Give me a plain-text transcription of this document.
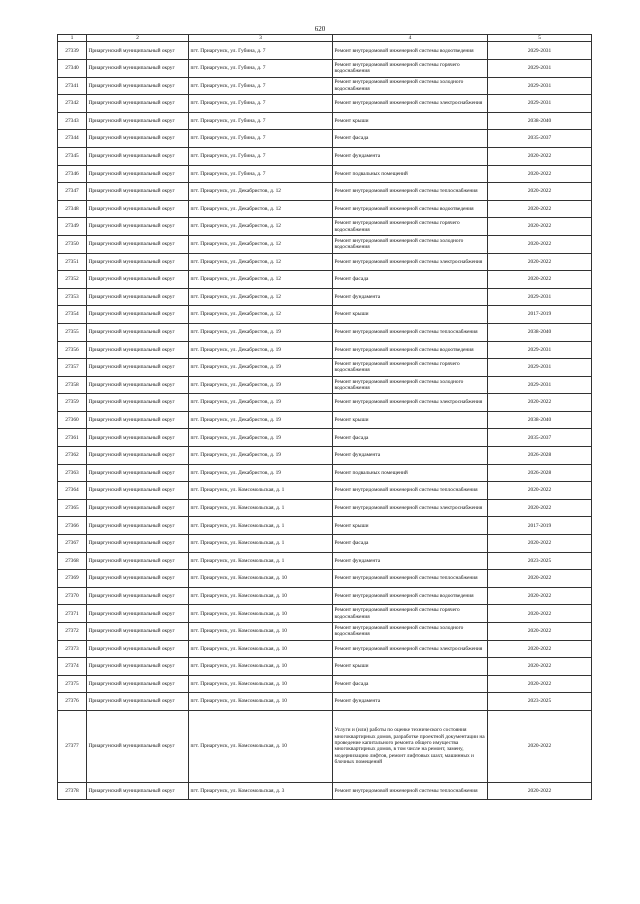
620
1	2	3	4	5
27339	Приаргунский муниципальный округ	пгт. Приаргунск, ул. Губина, д. 7	Ремонт внутридомовой инженерной системы водоотведения	2029-2031
27340	Приаргунский муниципальный округ	пгт. Приаргунск, ул. Губина, д. 7	Ремонт внутридомовой инженерной системы горячего водоснабжения	2029-2031
27341	Приаргунский муниципальный округ	пгт. Приаргунск, ул. Губина, д. 7	Ремонт внутридомовой инженерной системы холодного водоснабжения	2029-2031
27342	Приаргунский муниципальный округ	пгт. Приаргунск, ул. Губина, д. 7	Ремонт внутридомовой инженерной системы электроснабжения	2029-2031
27343	Приаргунский муниципальный округ	пгт. Приаргунск, ул. Губина, д. 7	Ремонт крыши	2038-2040
27344	Приаргунский муниципальный округ	пгт. Приаргунск, ул. Губина, д. 7	Ремонт фасада	2035-2037
27345	Приаргунский муниципальный округ	пгт. Приаргунск, ул. Губина, д. 7	Ремонт фундамента	2020-2022
27346	Приаргунский муниципальный округ	пгт. Приаргунск, ул. Губина, д. 7	Ремонт подвальных помещений	2020-2022
27347	Приаргунский муниципальный округ	пгт. Приаргунск, ул. Декабристов, д. 12	Ремонт внутридомовой инженерной системы теплоснабжения	2020-2022
27348	Приаргунский муниципальный округ	пгт. Приаргунск, ул. Декабристов, д. 12	Ремонт внутридомовой инженерной системы водоотведения	2020-2022
27349	Приаргунский муниципальный округ	пгт. Приаргунск, ул. Декабристов, д. 12	Ремонт внутридомовой инженерной системы горячего водоснабжения	2020-2022
27350	Приаргунский муниципальный округ	пгт. Приаргунск, ул. Декабристов, д. 12	Ремонт внутридомовой инженерной системы холодного водоснабжения	2020-2022
27351	Приаргунский муниципальный округ	пгт. Приаргунск, ул. Декабристов, д. 12	Ремонт внутридомовой инженерной системы электроснабжения	2020-2022
27352	Приаргунский муниципальный округ	пгт. Приаргунск, ул. Декабристов, д. 12	Ремонт фасада	2020-2022
27353	Приаргунский муниципальный округ	пгт. Приаргунск, ул. Декабристов, д. 12	Ремонт фундамента	2029-2031
27354	Приаргунский муниципальный округ	пгт. Приаргунск, ул. Декабристов, д. 12	Ремонт крыши	2017-2019
27355	Приаргунский муниципальный округ	пгт. Приаргунск, ул. Декабристов, д. 19	Ремонт внутридомовой инженерной системы теплоснабжения	2038-2040
27356	Приаргунский муниципальный округ	пгт. Приаргунск, ул. Декабристов, д. 19	Ремонт внутридомовой инженерной системы водоотведения	2029-2031
27357	Приаргунский муниципальный округ	пгт. Приаргунск, ул. Декабристов, д. 19	Ремонт внутридомовой инженерной системы горячего водоснабжения	2029-2031
27358	Приаргунский муниципальный округ	пгт. Приаргунск, ул. Декабристов, д. 19	Ремонт внутридомовой инженерной системы холодного водоснабжения	2029-2031
27359	Приаргунский муниципальный округ	пгт. Приаргунск, ул. Декабристов, д. 19	Ремонт внутридомовой инженерной системы электроснабжения	2020-2022
27360	Приаргунский муниципальный округ	пгт. Приаргунск, ул. Декабристов, д. 19	Ремонт крыши	2038-2040
27361	Приаргунский муниципальный округ	пгт. Приаргунск, ул. Декабристов, д. 19	Ремонт фасада	2035-2037
27362	Приаргунский муниципальный округ	пгт. Приаргунск, ул. Декабристов, д. 19	Ремонт фундамента	2026-2028
27363	Приаргунский муниципальный округ	пгт. Приаргунск, ул. Декабристов, д. 19	Ремонт подвальных помещений	2026-2028
27364	Приаргунский муниципальный округ	пгт. Приаргунск, ул. Комсомольская, д. 1	Ремонт внутридомовой инженерной системы теплоснабжения	2020-2022
27365	Приаргунский муниципальный округ	пгт. Приаргунск, ул. Комсомольская, д. 1	Ремонт внутридомовой инженерной системы электроснабжения	2020-2022
27366	Приаргунский муниципальный округ	пгт. Приаргунск, ул. Комсомольская, д. 1	Ремонт крыши	2017-2019
27367	Приаргунский муниципальный округ	пгт. Приаргунск, ул. Комсомольская, д. 1	Ремонт фасада	2020-2022
27368	Приаргунский муниципальный округ	пгт. Приаргунск, ул. Комсомольская, д. 1	Ремонт фундамента	2023-2025
27369	Приаргунский муниципальный округ	пгт. Приаргунск, ул. Комсомольская, д. 10	Ремонт внутридомовой инженерной системы теплоснабжения	2020-2022
27370	Приаргунский муниципальный округ	пгт. Приаргунск, ул. Комсомольская, д. 10	Ремонт внутридомовой инженерной системы водоотведения	2020-2022
27371	Приаргунский муниципальный округ	пгт. Приаргунск, ул. Комсомольская, д. 10	Ремонт внутридомовой инженерной системы горячего водоснабжения	2020-2022
27372	Приаргунский муниципальный округ	пгт. Приаргунск, ул. Комсомольская, д. 10	Ремонт внутридомовой инженерной системы холодного водоснабжения	2020-2022
27373	Приаргунский муниципальный округ	пгт. Приаргунск, ул. Комсомольская, д. 10	Ремонт внутридомовой инженерной системы электроснабжения	2020-2022
27374	Приаргунский муниципальный округ	пгт. Приаргунск, ул. Комсомольская, д. 10	Ремонт крыши	2020-2022
27375	Приаргунский муниципальный округ	пгт. Приаргунск, ул. Комсомольская, д. 10	Ремонт фасада	2020-2022
27376	Приаргунский муниципальный округ	пгт. Приаргунск, ул. Комсомольская, д. 10	Ремонт фундамента	2023-2025
27377	Приаргунский муниципальный округ	пгт. Приаргунск, ул. Комсомольская, д. 10	Услуги и (или) работы по оценке технического состояния многоквартирных домов, разработке проектной документации на проведение капитального ремонта общего имущества многоквартирных домов, в том числе на ремонт, замену, модернизацию лифтов, ремонт лифтовых шахт, машинных и блочных помещений	2020-2022
27378	Приаргунский муниципальный округ	пгт. Приаргунск, ул. Комсомольская, д. 3	Ремонт внутридомовой инженерной системы теплоснабжения	2020-2022
